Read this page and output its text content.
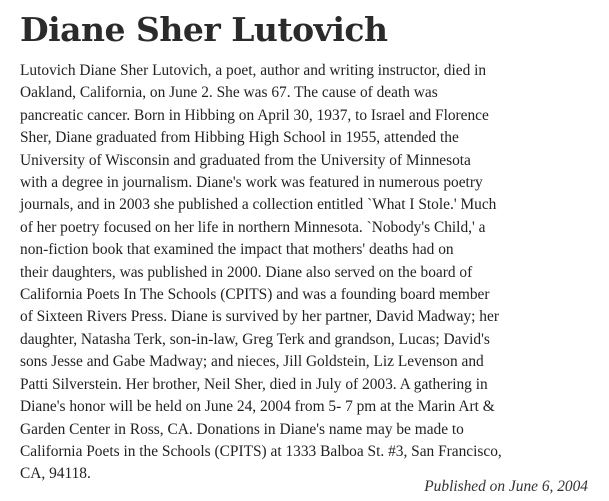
Diane Sher Lutovich
Lutovich Diane Sher Lutovich, a poet, author and writing instructor, died in
Oakland, California, on June 2. She was 67. The cause of death was
pancreatic cancer. Born in Hibbing on April 30, 1937, to Israel and Florence
Sher, Diane graduated from Hibbing High School in 1955, attended the
University of Wisconsin and graduated from the University of Minnesota
with a degree in journalism. Diane's work was featured in numerous poetry
journals, and in 2003 she published a collection entitled `What I Stole.' Much
of her poetry focused on her life in northern Minnesota. `Nobody's Child,' a
non-fiction book that examined the impact that mothers' deaths had on
their daughters, was published in 2000. Diane also served on the board of
California Poets In The Schools (CPITS) and was a founding board member
of Sixteen Rivers Press. Diane is survived by her partner, David Madway; her
daughter, Natasha Terk, son-in-law, Greg Terk and grandson, Lucas; David's
sons Jesse and Gabe Madway; and nieces, Jill Goldstein, Liz Levenson and
Patti Silverstein. Her brother, Neil Sher, died in July of 2003. A gathering in
Diane's honor will be held on June 24, 2004 from 5- 7 pm at the Marin Art &
Garden Center in Ross, CA. Donations in Diane's name may be made to
California Poets in the Schools (CPITS) at 1333 Balboa St. #3, San Francisco,
CA, 94118.
Published on June 6, 2004
